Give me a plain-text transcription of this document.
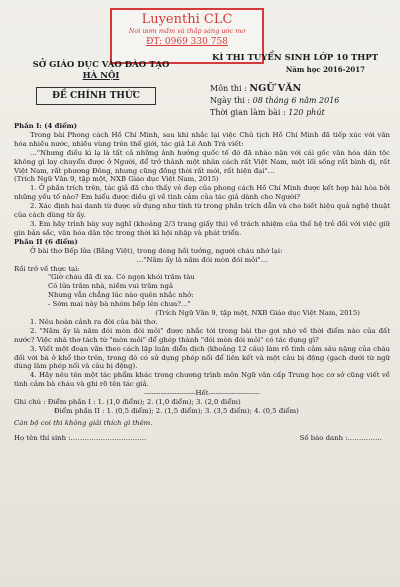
Luyenthi CLC
Nơi ươm mầm và thắp sáng ước mơ
ĐT: 0969 330 758
SỞ GIÁO DỤC VÀO ĐÀO TẠO
HÀ NỘI
KÌ THI TUYỂN SINH LỚP 10 THPT
Năm học 2016-2017
ĐỀ CHÍNH THỨC
Môn thi : NGỮ VĂN
Ngày thi : 08 tháng 6 năm 2016
Thời gian làm bài : 120 phút

Phần I: (4 điểm)

Trong bài Phong cách Hồ Chí Minh, sau khi nhắc lại việc Chủ tịch Hồ Chí Minh đã tiếp xúc với văn hóa nhiều nước, nhiều vùng trên thế giới, tác giả Lê Anh Trà viết:

…"Nhưng điều kì lạ là tất cả những ảnh hưởng quốc tế đó đã nhào nặn với cái gốc văn hóa dân tộc không gì lay chuyển được ở Người, để trở thành một nhân cách rất Việt Nam, một lối sống rất bình dị, rất Việt Nam, rất phương Đông, nhưng cũng đồng thời rất mới, rất hiện đại"…

(Trích Ngữ Văn 9, tập một, NXB Giáo dục Việt Nam, 2015)

1. Ở phần trích trên, tác giả đã cho thấy vẻ đẹp của phong cách Hồ Chí Minh được kết hợp hài hòa bởi những yếu tố nào? Em hiểu được điều gì về tình cảm của tác giả dành cho Người?

2. Xác định hai danh từ được sử dụng như tính từ trong phần trích dẫn và cho biết hiệu quả nghệ thuật của cách dùng từ ấy.

3. Em hãy trình bày suy nghĩ (khoảng 2/3 trang giấy thi) về trách nhiệm của thế hệ trẻ đối với việc giữ gìn bản sắc, văn hóa dân tộc trong thời kì hội nhập và phát triển.

Phần II (6 điểm)

Ở bài thơ Bếp lửa (Bằng Việt), trong dòng hồi tưởng, người cháu nhớ lại:

…"Năm ấy là năm đói mòn đói mỏi"…

Rồi trở về thực tại:

"Giờ cháu đã đi xa. Có ngọn khói trăm tàu

Có lửa trăm nhà, niềm vui trăm ngả

Nhưng vẫn chẳng lúc nào quên nhắc nhở:

- Sớm mai này bà nhóm bếp lên chưa?..."

(Trích Ngữ Văn 9, tập một, NXB Giáo dục Việt Nam, 2015)

1. Nêu hoàn cảnh ra đời của bài thơ.

2. "Năm ấy là năm đói mòn đói mỏi" được nhắc tới trong bài thơ gợi nhớ về thời điểm nào của đất nước? Việc nhà thơ tách từ "mòn mỏi" để ghép thành "đói mòn đói mỏi" có tác dụng gì?

3. Viết một đoạn văn theo cách lập luận diễn dịch (khoảng 12 câu) làm rõ tình cảm sâu nặng của cháu đối với bà ở khổ thơ trên, trong đó có sử dụng phép nối để liên kết và một câu bị động (gạch dưới từ ngữ dùng làm phép nối và câu bị động).

4. Hãy nêu tên một tác phẩm khác trong chương trình môn Ngữ văn cấp Trung học cơ sở cũng viết về tình cảm bà cháu và ghi rõ tên tác giả.

----------------------Hết----------------------

Ghi chú : Điểm phần I : 1. (1,0 điểm); 2. (1,0 điểm); 3. (2,0 điểm)

Điểm phần II : 1. (0,5 điểm); 2. (1,5 điểm); 3. (3,5 điểm); 4. (0,5 điểm)

Cán bộ coi thi không giải thích gì thêm.

Họ tên thí sinh :……………………………	Số báo danh :……………
